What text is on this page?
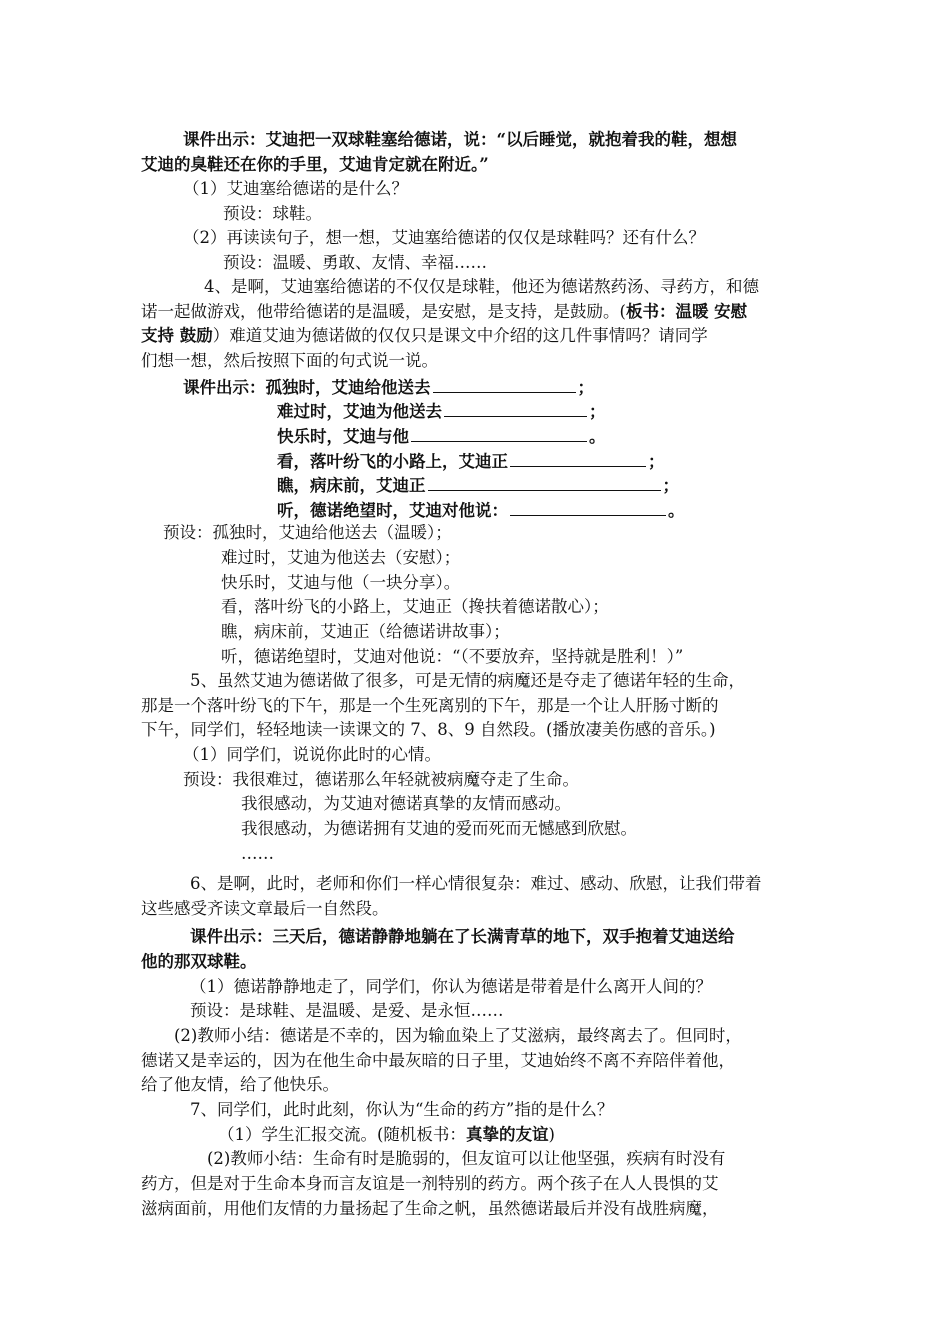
课件出示：艾迪把一双球鞋塞给德诺，说：“以后睡觉，就抱着我的鞋，想想
艾迪的臭鞋还在你的手里，艾迪肯定就在附近。”
（1）艾迪塞给德诺的是什么？
预设：球鞋。
（2）再读读句子，想一想，艾迪塞给德诺的仅仅是球鞋吗？还有什么？
预设：温暖、勇敢、友情、幸福……
4、是啊，艾迪塞给德诺的不仅仅是球鞋，他还为德诺熬药汤、寻药方，和德
诺一起做游戏，他带给德诺的是温暖，是安慰，是支持，是鼓励。(板书：温暖 安慰
支持 鼓励）难道艾迪为德诺做的仅仅只是课文中介绍的这几件事情吗？请同学
们想一想，然后按照下面的句式说一说。
课件出示：孤独时，艾迪给他送去	；
难过时，艾迪为他送去	；
快乐时，艾迪与他	。
看，落叶纷飞的小路上，艾迪正	；
瞧，病床前，艾迪正	；
听，德诺绝望时，艾迪对他说：	。
预设：孤独时，艾迪给他送去（温暖）；
难过时，艾迪为他送去（安慰）；
快乐时，艾迪与他（一块分享）。
看，落叶纷飞的小路上，艾迪正（搀扶着德诺散心）；
瞧，病床前，艾迪正（给德诺讲故事）；
听，德诺绝望时，艾迪对他说：“（不要放弃，坚持就是胜利！）”
5、虽然艾迪为德诺做了很多，可是无情的病魔还是夺走了德诺年轻的生命，
那是一个落叶纷飞的下午，那是一个生死离别的下午，那是一个让人肝肠寸断的
下午，同学们，轻轻地读一读课文的 7、8、9 自然段。(播放凄美伤感的音乐。)
（1）同学们，说说你此时的心情。
预设：我很难过，德诺那么年轻就被病魔夺走了生命。
我很感动，为艾迪对德诺真挚的友情而感动。
我很感动，为德诺拥有艾迪的爱而死而无憾感到欣慰。
……
6、是啊，此时，老师和你们一样心情很复杂：难过、感动、欣慰，让我们带着
这些感受齐读文章最后一自然段。
课件出示：三天后，德诺静静地躺在了长满青草的地下，双手抱着艾迪送给
他的那双球鞋。
（1）德诺静静地走了，同学们，你认为德诺是带着是什么离开人间的？
预设：是球鞋、是温暖、是爱、是永恒……
(2)教师小结：德诺是不幸的，因为输血染上了艾滋病，最终离去了。但同时，
德诺又是幸运的，因为在他生命中最灰暗的日子里，艾迪始终不离不弃陪伴着他，
给了他友情，给了他快乐。
7、同学们，此时此刻，你认为“生命的药方”指的是什么？
（1）学生汇报交流。(随机板书：真挚的友谊)
(2)教师小结：生命有时是脆弱的，但友谊可以让他坚强，疾病有时没有
药方，但是对于生命本身而言友谊是一剂特别的药方。两个孩子在人人畏惧的艾
滋病面前，用他们友情的力量扬起了生命之帆，虽然德诺最后并没有战胜病魔，
